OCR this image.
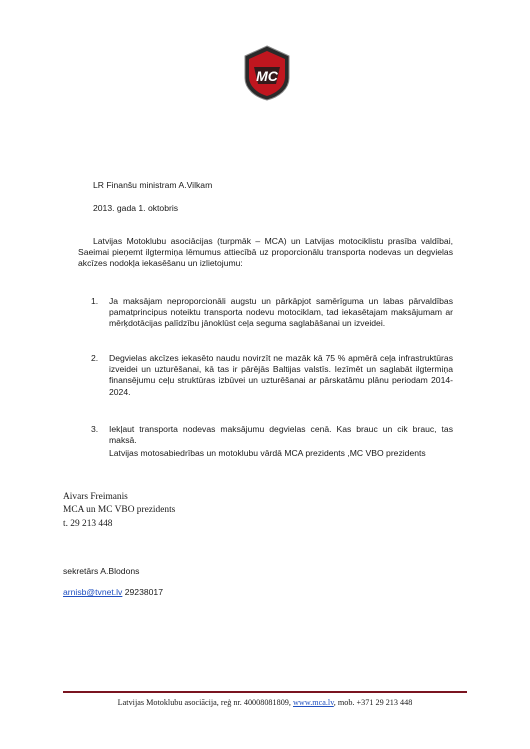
MC
LR Finanšu ministram A.Vilkam
2013. gada 1. oktobris
Latvijas Motoklubu asociācijas (turpmāk – MCA) un Latvijas motociklistu prasība valdībai, Saeimai pieņemt ilgtermiņa lēmumus attiecībā uz proporcionālu transporta nodevas un degvielas akcīzes nodokļa iekasēšanu un izlietojumu:
1. Ja maksājam neproporcionāli augstu un pārkāpjot samērīguma un labas pārvaldības pamatprincipus noteiktu transporta nodevu motociklam, tad iekasētajam maksājumam ar mērķdotācijas palīdzību jānoklūst ceļa seguma saglabāšanai un izveidei.
2. Degvielas akcīzes iekasēto naudu novirzīt ne mazāk kā 75 % apmērā ceļa infrastruktūras izveidei un uzturēšanai, kā tas ir pārējās Baltijas valstīs. Iezīmēt un saglabāt ilgtermiņa finansējumu ceļu struktūras izbūvei un uzturēšanai ar pārskatāmu plānu periodam 2014-2024.
3. Iekļaut transporta nodevas maksājumu degvielas cenā. Kas brauc un cik brauc, tas maksā.
Latvijas motosabiedrības un motoklubu vārdā MCA prezidents ,MC VBO prezidents
Aivars Freimanis
MCA un MC VBO prezidents
t. 29 213 448
sekretārs A.Blodons
arnisb@tvnet.lv 29238017
Latvijas Motoklubu asociācija, reģ nr. 40008081809, www.mca.lv, mob. +371 29 213 448
